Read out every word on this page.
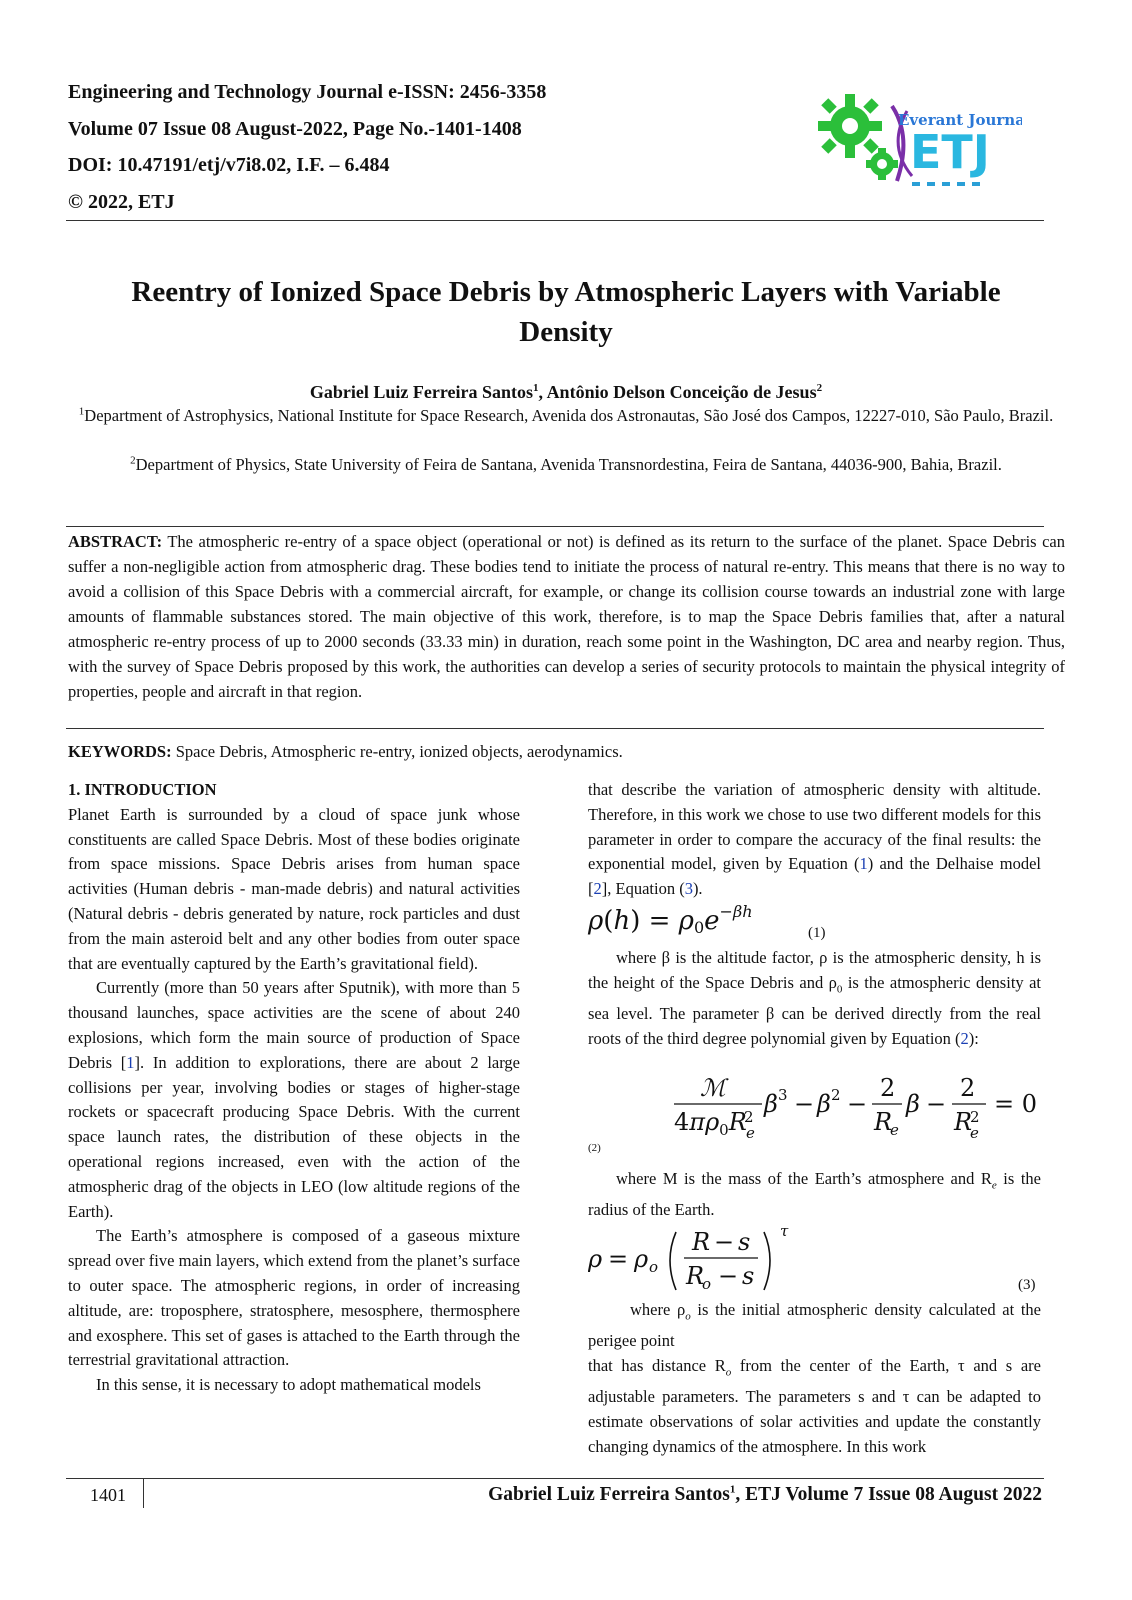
Engineering and Technology Journal e-ISSN: 2456-3358
Volume 07 Issue 08 August-2022, Page No.-1401-1408
DOI: 10.47191/etj/v7i8.02, I.F. – 6.484
© 2022, ETJ
Everant Journal
ETJ
Reentry of Ionized Space Debris by Atmospheric Layers with Variable Density
Gabriel Luiz Ferreira Santos$^1$, Antônio Delson Conceição de Jesus$^2$
$^1$Department of Astrophysics, National Institute for Space Research, Avenida dos Astronautas, São José dos Campos, 12227-010, São Paulo, Brazil.
$^2$Department of Physics, State University of Feira de Santana, Avenida Transnordestina, Feira de Santana, 44036-900, Bahia, Brazil.
ABSTRACT: The atmospheric re-entry of a space object (operational or not) is defined as its return to the surface of the planet. Space Debris can suffer a non-negligible action from atmospheric drag. These bodies tend to initiate the process of natural re-entry. This means that there is no way to avoid a collision of this Space Debris with a commercial aircraft, for example, or change its collision course towards an industrial zone with large amounts of flammable substances stored. The main objective of this work, therefore, is to map the Space Debris families that, after a natural atmospheric re-entry process of up to 2000 seconds (33.33 min) in duration, reach some point in the Washington, DC area and nearby region. Thus, with the survey of Space Debris proposed by this work, the authorities can develop a series of security protocols to maintain the physical integrity of properties, people and aircraft in that region.
KEYWORDS: Space Debris, Atmospheric re-entry, ionized objects, aerodynamics.

1. INTRODUCTION

Planet Earth is surrounded by a cloud of space junk whose constituents are called Space Debris. Most of these bodies originate from space missions. Space Debris arises from human space activities (Human debris - man-made debris) and natural activities (Natural debris - debris generated by nature, rock particles and dust from the main asteroid belt and any other bodies from outer space that are eventually captured by the Earth’s gravitational field).

Currently (more than 50 years after Sputnik), with more than 5 thousand launches, space activities are the scene of about 240 explosions, which form the main source of production of Space Debris [1]. In addition to explorations, there are about 2 large collisions per year, involving bodies or stages of higher-stage rockets or spacecraft producing Space Debris. With the current space launch rates, the distribution of these objects in the operational regions increased, even with the action of the atmospheric drag of the objects in LEO (low altitude regions of the Earth).

The Earth’s atmosphere is composed of a gaseous mixture spread over five main layers, which extend from the planet’s surface to outer space. The atmospheric regions, in order of increasing altitude, are: troposphere, stratosphere, mesosphere, thermosphere and exosphere. This set of gases is attached to the Earth through the terrestrial gravitational attraction.

In this sense, it is necessary to adopt mathematical models

that describe the variation of atmospheric density with altitude. Therefore, in this work we chose to use two different models for this parameter in order to compare the accuracy of the final results: the exponential model, given by Equation (1) and the Delhaise model [2], Equation (3).

$\rho(h) = \rho 0e^{-\beta h}$
(1)

where β is the altitude factor, ρ is the atmospheric density, h is the height of the Space Debris and $\rho_0$ is the atmospheric density at sea level. The parameter β can be derived directly from the real roots of the third degree polynomial given by Equation (2):

ℳ
$4\pi\rho_0R$
2
e
β 3 − β 2 −
2
R
e
β −
2
R
2
e
= 0
(2)

where M is the mass of the Earth’s atmosphere and $R_e$ is the radius of the Earth.

ρ = ρ o
R − s
R
o − s
τ
(3)

where $\rho_o$ is the initial atmospheric density calculated at the perigee point

that has distance $R_o$ from the center of the Earth, τ and s are adjustable parameters. The parameters s and τ can be adapted to estimate observations of solar activities and update the constantly changing dynamics of the atmosphere. In this work

1401	Gabriel Luiz Ferreira Santos$^1$, ETJ Volume 7 Issue 08 August 2022
